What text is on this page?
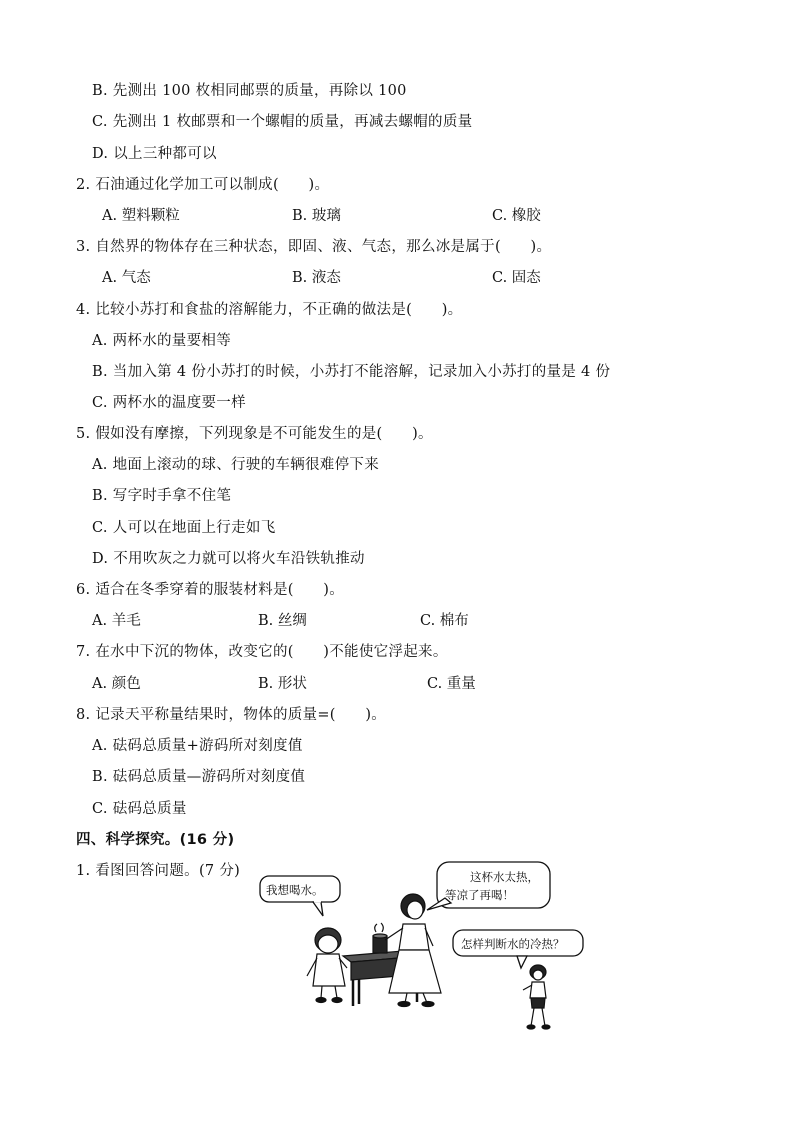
B. 先测出 100 枚相同邮票的质量，再除以 100
C. 先测出 1 枚邮票和一个螺帽的质量，再减去螺帽的质量
D. 以上三种都可以
2. 石油通过化学加工可以制成(　　)。
A. 塑料颗粒	B. 玻璃	C. 橡胶
3. 自然界的物体存在三种状态，即固、液、气态，那么冰是属于(　　)。
A. 气态	B. 液态	C. 固态
4. 比较小苏打和食盐的溶解能力，不正确的做法是(　　)。
A. 两杯水的量要相等
B. 当加入第 4 份小苏打的时候，小苏打不能溶解，记录加入小苏打的量是 4 份
C. 两杯水的温度要一样
5. 假如没有摩擦，下列现象是不可能发生的是(　　)。
A. 地面上滚动的球、行驶的车辆很难停下来
B. 写字时手拿不住笔
C. 人可以在地面上行走如飞
D. 不用吹灰之力就可以将火车沿铁轨推动
6. 适合在冬季穿着的服装材料是(　　)。
A. 羊毛	B. 丝绸	C. 棉布
7. 在水中下沉的物体，改变它的(　　)不能使它浮起来。
A. 颜色	B. 形状	C. 重量
8. 记录天平称量结果时，物体的质量=(　　)。
A. 砝码总质量+游码所对刻度值
B. 砝码总质量—游码所对刻度值
C. 砝码总质量
四、科学探究。(16 分)
1. 看图回答问题。(7 分)
我想喝水。
这杯水太热，
等凉了再喝！
怎样判断水的冷热？
